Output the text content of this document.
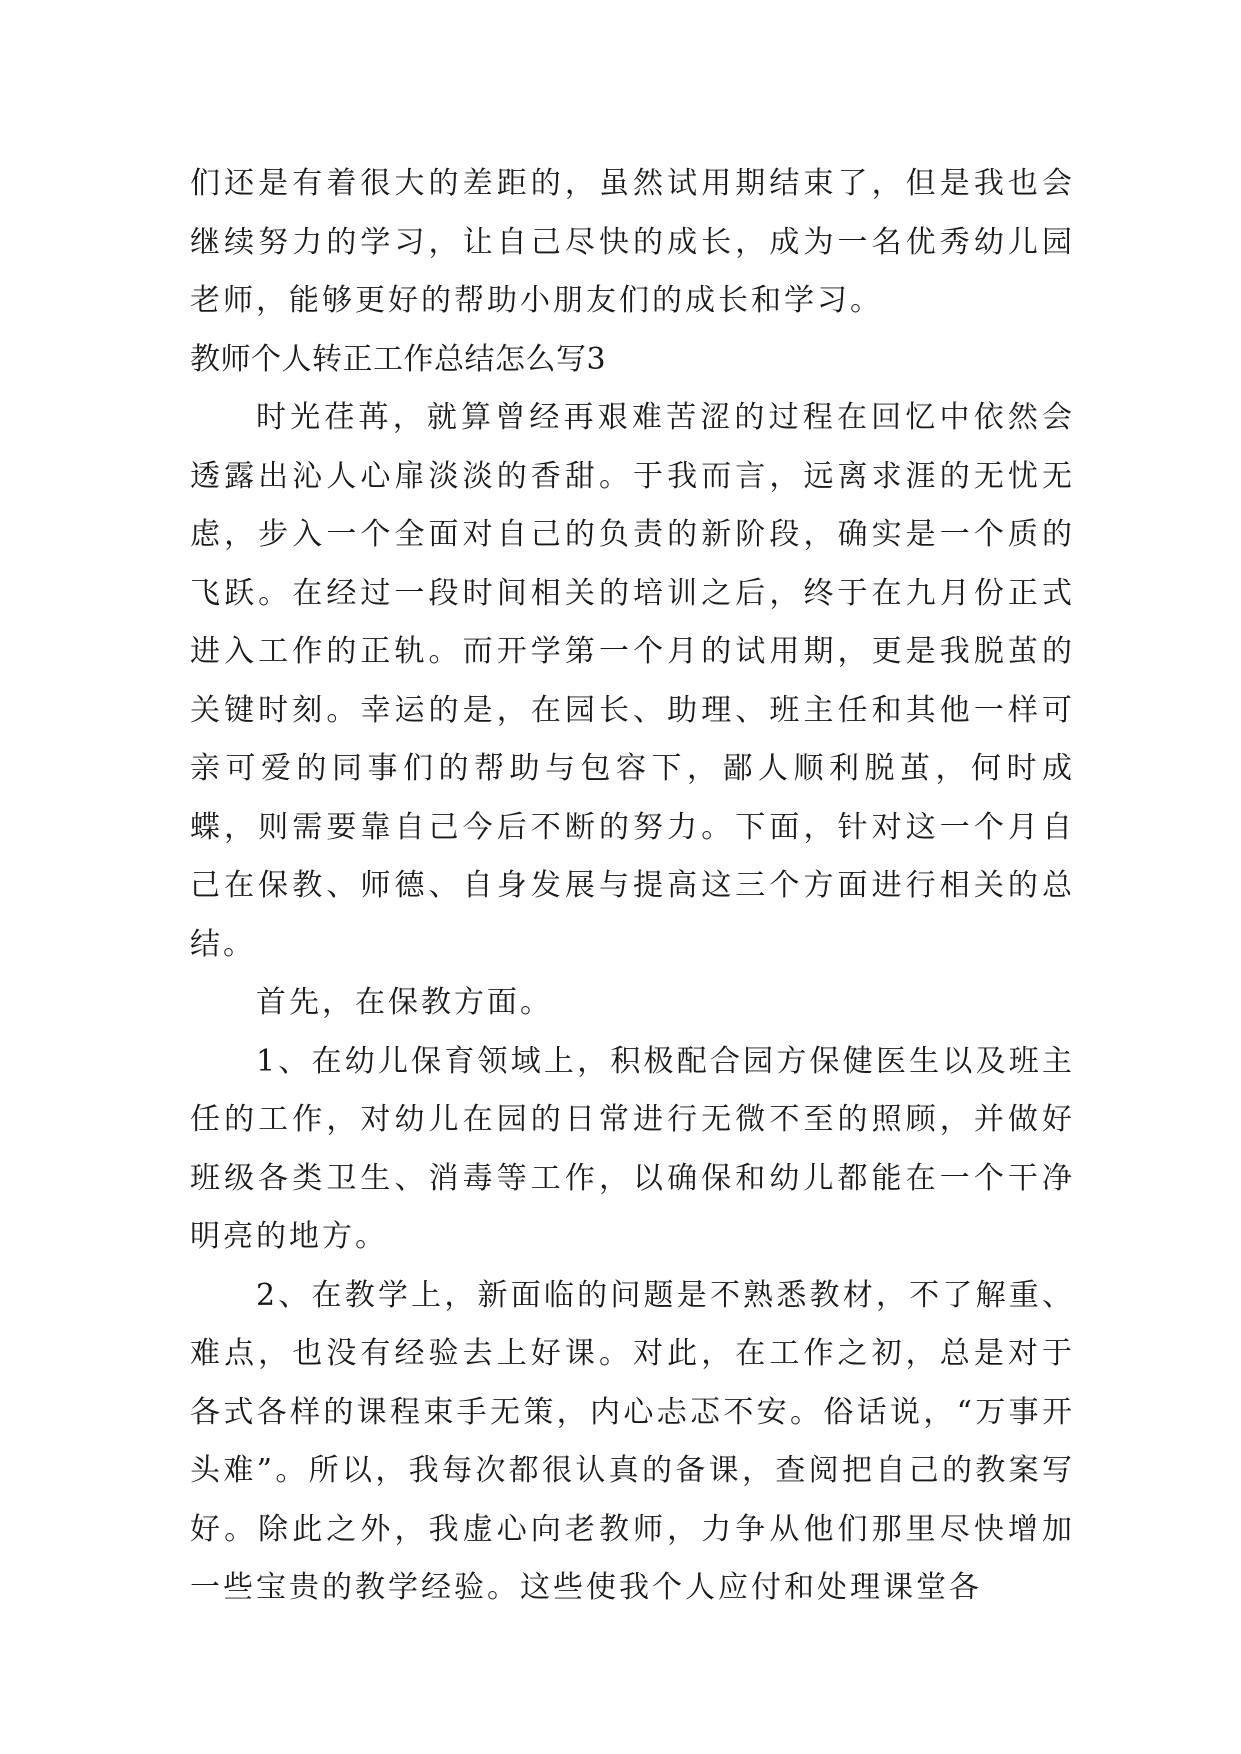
们还是有着很大的差距的，虽然试用期结束了，但是我也会继续努力的学习，让自己尽快的成长，成为一名优秀幼儿园老师，能够更好的帮助小朋友们的成长和学习。

教师个人转正工作总结怎么写3

时光荏苒，就算曾经再艰难苦涩的过程在回忆中依然会透露出沁人心扉淡淡的香甜。于我而言，远离求涯的无忧无虑，步入一个全面对自己的负责的新阶段，确实是一个质的飞跃。在经过一段时间相关的培训之后，终于在九月份正式进入工作的正轨。而开学第一个月的试用期，更是我脱茧的关键时刻。幸运的是，在园长、助理、班主任和其他一样可亲可爱的同事们的帮助与包容下，鄙人顺利脱茧，何时成蝶，则需要靠自己今后不断的努力。下面，针对这一个月自己在保教、师德、自身发展与提高这三个方面进行相关的总结。

首先，在保教方面。

1、在幼儿保育领域上，积极配合园方保健医生以及班主任的工作，对幼儿在园的日常进行无微不至的照顾，并做好班级各类卫生、消毒等工作，以确保和幼儿都能在一个干净明亮的地方。

2、在教学上，新面临的问题是不熟悉教材，不了解重、难点，也没有经验去上好课。对此，在工作之初，总是对于各式各样的课程束手无策，内心忐忑不安。俗话说，“万事开头难”。所以，我每次都很认真的备课，查阅把自己的教案写好。除此之外，我虚心向老教师，力争从他们那里尽快增加一些宝贵的教学经验。这些使我个人应付和处理课堂各
